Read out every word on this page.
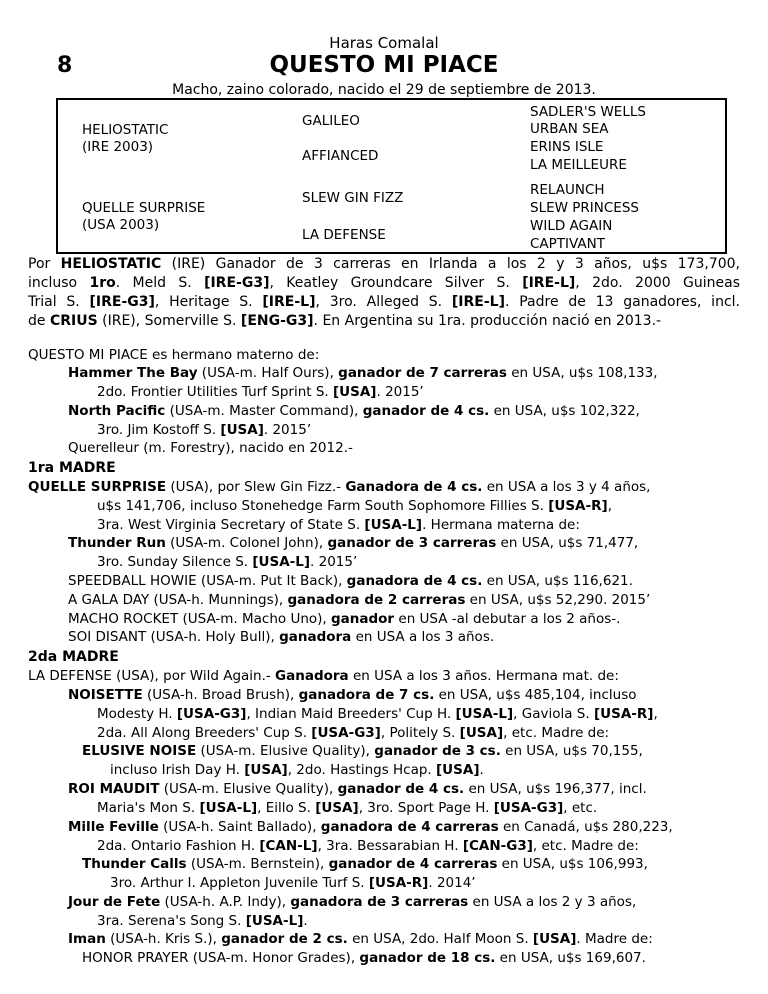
8
Haras Comalal
QUESTO MI PIACE
Macho, zaino colorado, nacido el 29 de septiembre de 2013.
HELIOSTATIC
(IRE 2003)
QUELLE SURPRISE
(USA 2003)
GALILEO
AFFIANCED
SLEW GIN FIZZ
LA DEFENSE
SADLER'S WELLS
URBAN SEA
ERINS ISLE
LA MEILLEURE
RELAUNCH
SLEW PRINCESS
WILD AGAIN
CAPTIVANT
Por HELIOSTATIC (IRE) Ganador de 3 carreras en Irlanda a los 2 y 3 años, u$s 173,700,
incluso 1ro. Meld S. [IRE-G3], Keatley Groundcare Silver S. [IRE-L], 2do. 2000 Guineas
Trial S. [IRE-G3], Heritage S. [IRE-L], 3ro. Alleged S. [IRE-L]. Padre de 13 ganadores, incl.
de CRIUS (IRE), Somerville S. [ENG-G3]. En Argentina su 1ra. producción nació en 2013.-
QUESTO MI PIACE es hermano materno de:
Hammer The Bay (USA-m. Half Ours), ganador de 7 carreras en USA, u$s 108,133,
2do. Frontier Utilities Turf Sprint S. [USA]. 2015’
North Pacific (USA-m. Master Command), ganador de 4 cs. en USA, u$s 102,322,
3ro. Jim Kostoff S. [USA]. 2015’
Querelleur (m. Forestry), nacido en 2012.-
1ra MADRE
QUELLE SURPRISE (USA), por Slew Gin Fizz.- Ganadora de 4 cs. en USA a los 3 y 4 años,
u$s 141,706, incluso Stonehedge Farm South Sophomore Fillies S. [USA-R],
3ra. West Virginia Secretary of State S. [USA-L]. Hermana materna de:
Thunder Run (USA-m. Colonel John), ganador de 3 carreras en USA, u$s 71,477,
3ro. Sunday Silence S. [USA-L]. 2015’
SPEEDBALL HOWIE (USA-m. Put It Back), ganadora de 4 cs. en USA, u$s 116,621.
A GALA DAY (USA-h. Munnings), ganadora de 2 carreras en USA, u$s 52,290. 2015’
MACHO ROCKET (USA-m. Macho Uno), ganador en USA -al debutar a los 2 años-.
SOI DISANT (USA-h. Holy Bull), ganadora en USA a los 3 años.
2da MADRE
LA DEFENSE (USA), por Wild Again.- Ganadora en USA a los 3 años. Hermana mat. de:
NOISETTE (USA-h. Broad Brush), ganadora de 7 cs. en USA, u$s 485,104, incluso
Modesty H. [USA-G3], Indian Maid Breeders' Cup H. [USA-L], Gaviola S. [USA-R],
2da. All Along Breeders' Cup S. [USA-G3], Politely S. [USA], etc. Madre de:
ELUSIVE NOISE (USA-m. Elusive Quality), ganador de 3 cs. en USA, u$s 70,155,
incluso Irish Day H. [USA], 2do. Hastings Hcap. [USA].
ROI MAUDIT (USA-m. Elusive Quality), ganador de 4 cs. en USA, u$s 196,377, incl.
Maria's Mon S. [USA-L], Eillo S. [USA], 3ro. Sport Page H. [USA-G3], etc.
Mille Feville (USA-h. Saint Ballado), ganadora de 4 carreras en Canadá, u$s 280,223,
2da. Ontario Fashion H. [CAN-L], 3ra. Bessarabian H. [CAN-G3], etc. Madre de:
Thunder Calls (USA-m. Bernstein), ganador de 4 carreras en USA, u$s 106,993,
3ro. Arthur I. Appleton Juvenile Turf S. [USA-R]. 2014’
Jour de Fete (USA-h. A.P. Indy), ganadora de 3 carreras en USA a los 2 y 3 años,
3ra. Serena's Song S. [USA-L].
Iman (USA-h. Kris S.), ganador de 2 cs. en USA, 2do. Half Moon S. [USA]. Madre de:
HONOR PRAYER (USA-m. Honor Grades), ganador de 18 cs. en USA, u$s 169,607.
